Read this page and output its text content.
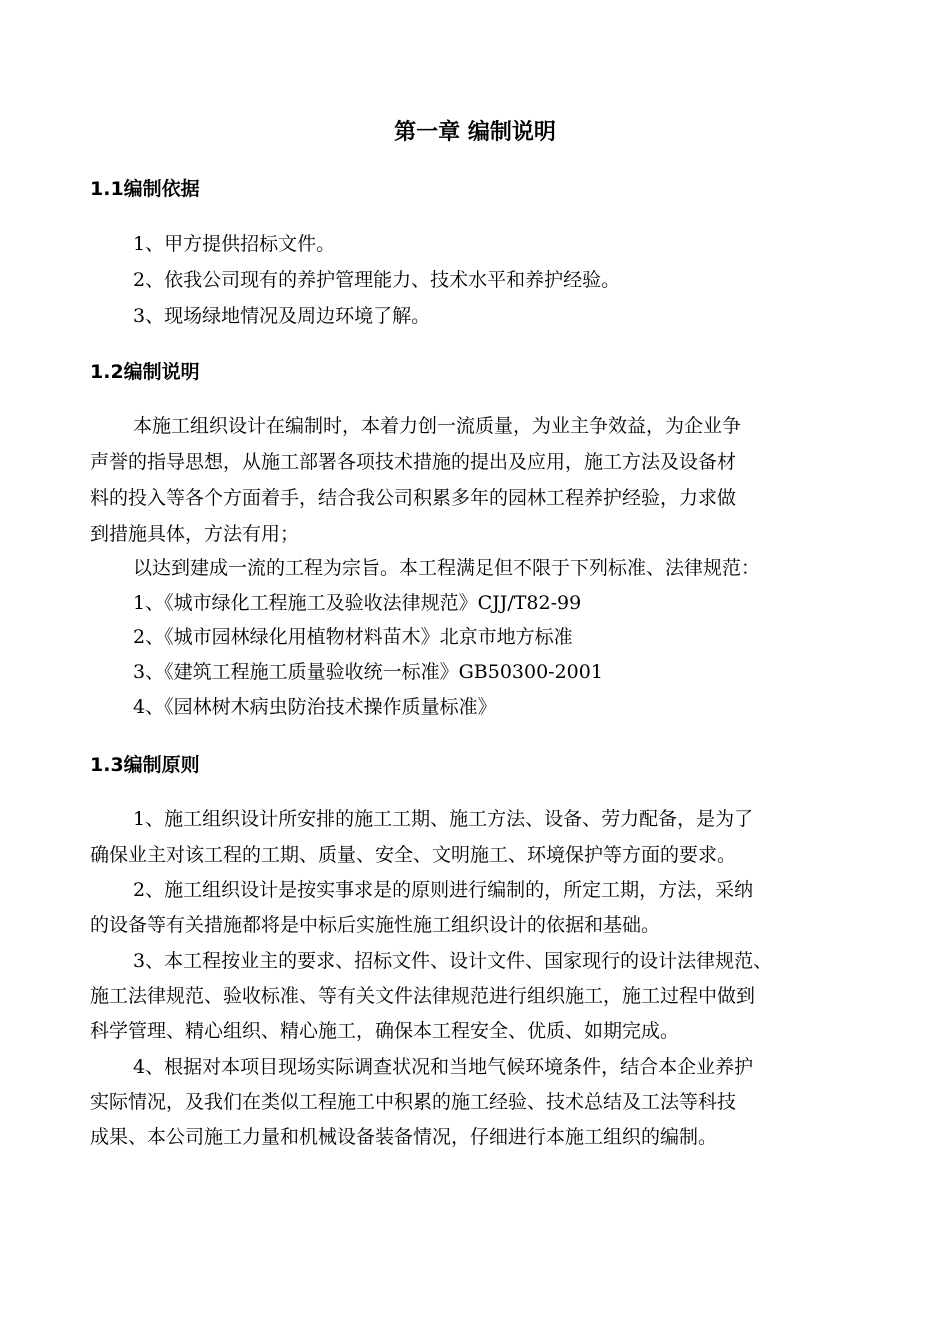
第一章 编制说明
1.1编制依据
1、甲方提供招标文件。
2、依我公司现有的养护管理能力、技术水平和养护经验。
3、现场绿地情况及周边环境了解。
1.2编制说明
本施工组织设计在编制时，本着力创一流质量，为业主争效益，为企业争
声誉的指导思想，从施工部署各项技术措施的提出及应用，施工方法及设备材
料的投入等各个方面着手，结合我公司积累多年的园林工程养护经验，力求做
到措施具体，方法有用；
以达到建成一流的工程为宗旨。本工程满足但不限于下列标准、法律规范：
1、《城市绿化工程施工及验收法律规范》CJJ/T82-99
2、《城市园林绿化用植物材料苗木》北京市地方标准
3、《建筑工程施工质量验收统一标准》GB50300-2001
4、《园林树木病虫防治技术操作质量标准》
1.3编制原则
1、施工组织设计所安排的施工工期、施工方法、设备、劳力配备，是为了
确保业主对该工程的工期、质量、安全、文明施工、环境保护等方面的要求。
2、施工组织设计是按实事求是的原则进行编制的，所定工期，方法，采纳
的设备等有关措施都将是中标后实施性施工组织设计的依据和基础。
3、本工程按业主的要求、招标文件、设计文件、国家现行的设计法律规范、
施工法律规范、验收标准、等有关文件法律规范进行组织施工，施工过程中做到
科学管理、精心组织、精心施工，确保本工程安全、优质、如期完成。
4、根据对本项目现场实际调查状况和当地气候环境条件，结合本企业养护
实际情况，及我们在类似工程施工中积累的施工经验、技术总结及工法等科技
成果、本公司施工力量和机械设备装备情况，仔细进行本施工组织的编制。
